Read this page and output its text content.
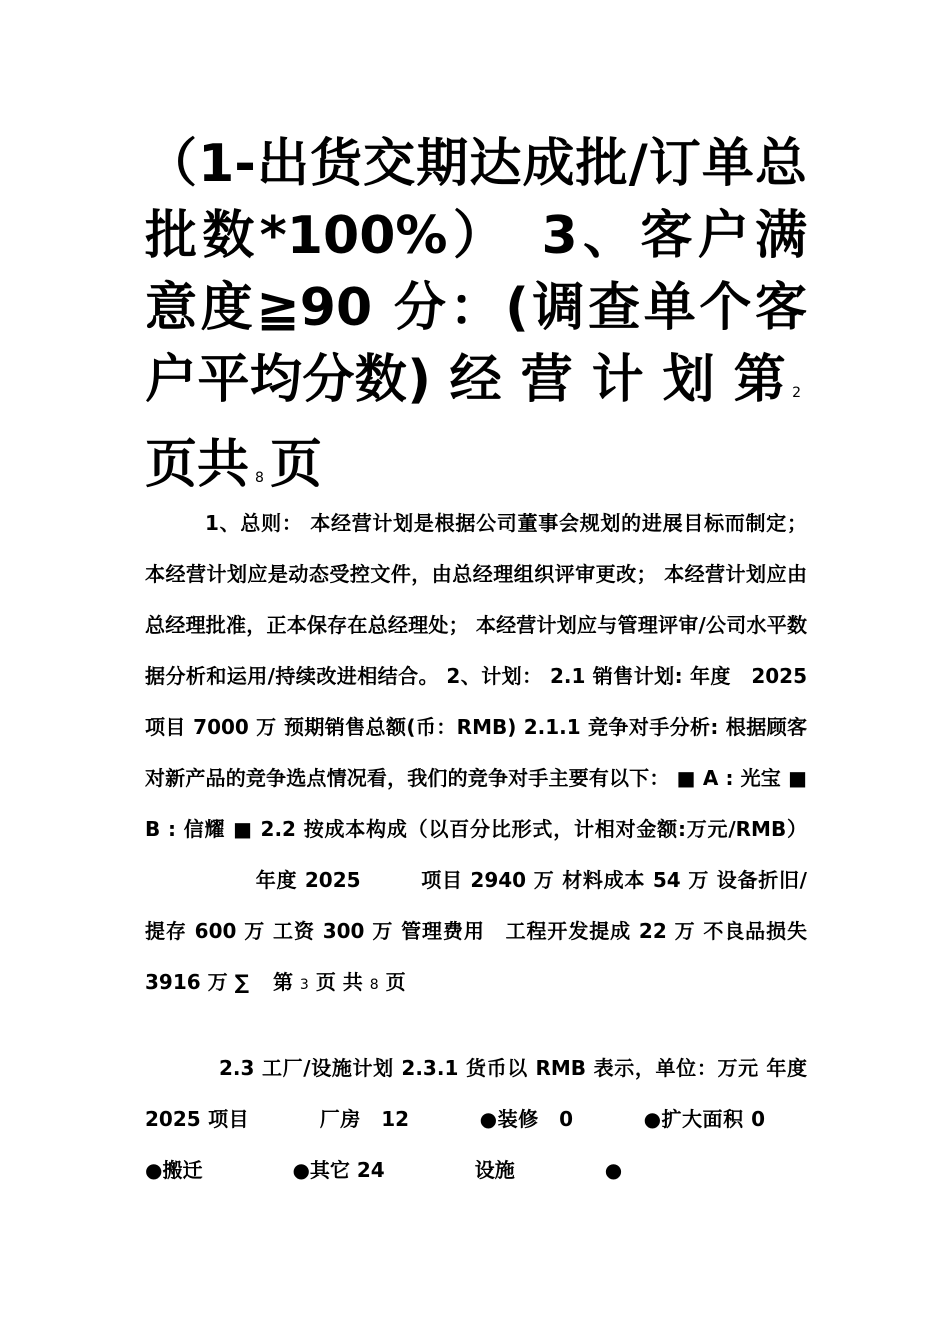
（1-出货交期达成批/订单总批数*100%）　3、客户满意度≧90 分：(调查单个客户平均分数) 经 营 计 划 第 2页共 8 页
1、总则： 本经营计划是根据公司董事会规划的进展目标而制定； 本经营计划应是动态受控文件，由总经理组织评审更改； 本经营计划应由总经理批准，正本保存在总经理处； 本经营计划应与管理评审/公司水平数据分析和运用/持续改进相结合。 2、计划： 2.1 销售计划: 年度　2025 项目 7000 万 预期销售总额(币：RMB) 2.1.1 竞争对手分析: 根据顾客对新产品的竞争选点情况看，我们的竞争对手主要有以下： ■ A : 光宝 ■ B : 信耀 ■ 2.2 按成本构成（以百分比形式，计相对金额:万元/RMB）年度 2025	项目 2940 万 材料成本 54 万 设备折旧/提存 600 万 工资 300 万 管理费用　工程开发提成 22 万 不良品损失 3916 万 ∑ 第 3 页 共 8 页
2.3 工厂/设施计划 2.3.1 货币以 RMB 表示，单位：万元 年度　2025 项目	厂房　12	●装修　0	●扩大面积 0●搬迁	●其它 24	设施	●
